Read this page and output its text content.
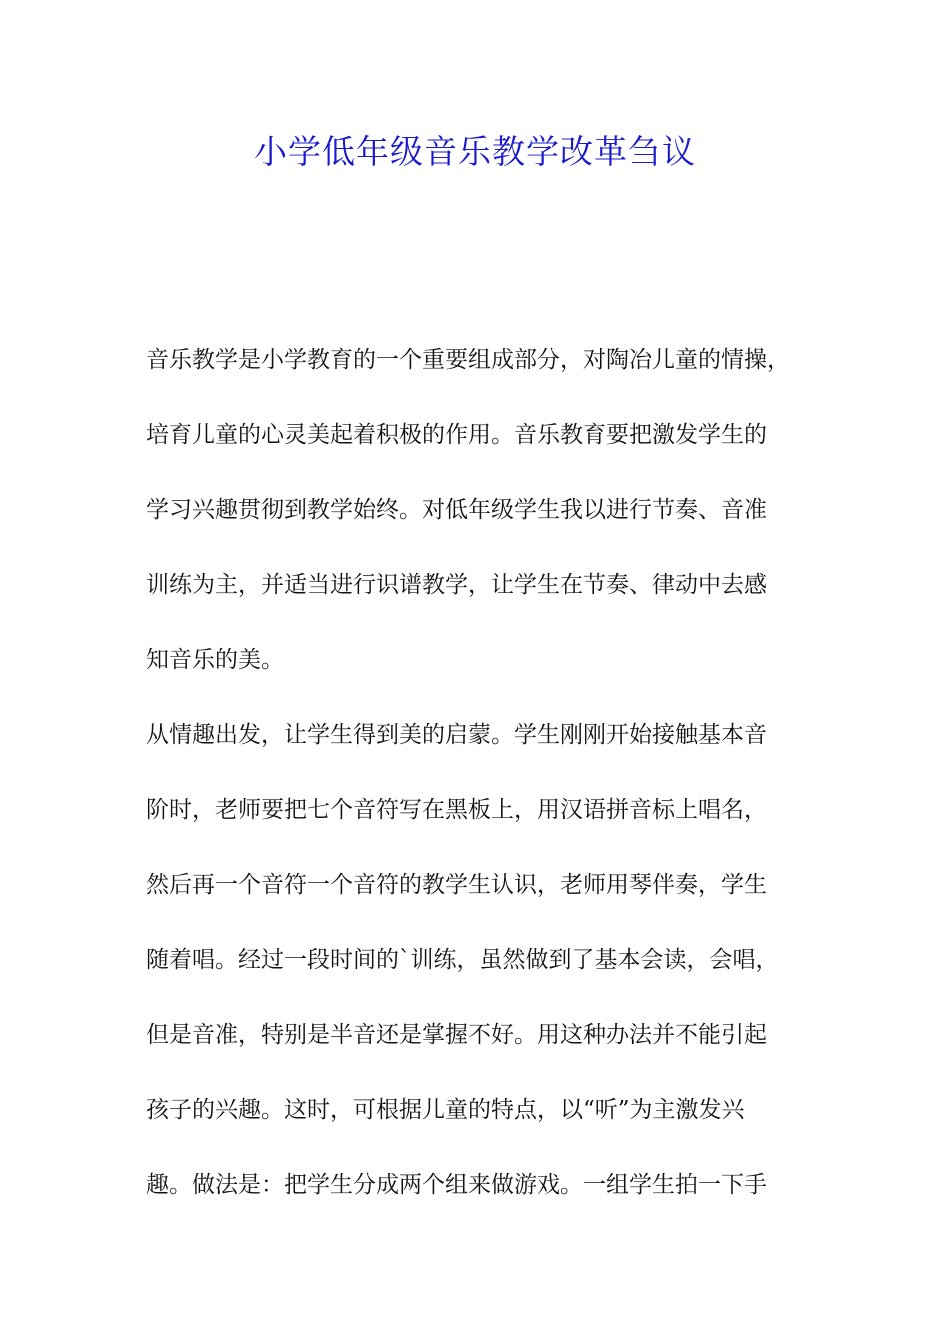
小学低年级音乐教学改革刍议
音乐教学是小学教育的一个重要组成部分，对陶冶儿童的情操，
培育儿童的心灵美起着积极的作用。音乐教育要把激发学生的
学习兴趣贯彻到教学始终。对低年级学生我以进行节奏、音准
训练为主，并适当进行识谱教学，让学生在节奏、律动中去感
知音乐的美。
从情趣出发，让学生得到美的启蒙。学生刚刚开始接触基本音
阶时，老师要把七个音符写在黑板上，用汉语拼音标上唱名，
然后再一个音符一个音符的教学生认识，老师用琴伴奏，学生
随着唱。经过一段时间的`训练，虽然做到了基本会读，会唱，
但是音准，特别是半音还是掌握不好。用这种办法并不能引起
孩子的兴趣。这时，可根据儿童的特点，以“听”为主激发兴
趣。做法是：把学生分成两个组来做游戏。一组学生拍一下手
